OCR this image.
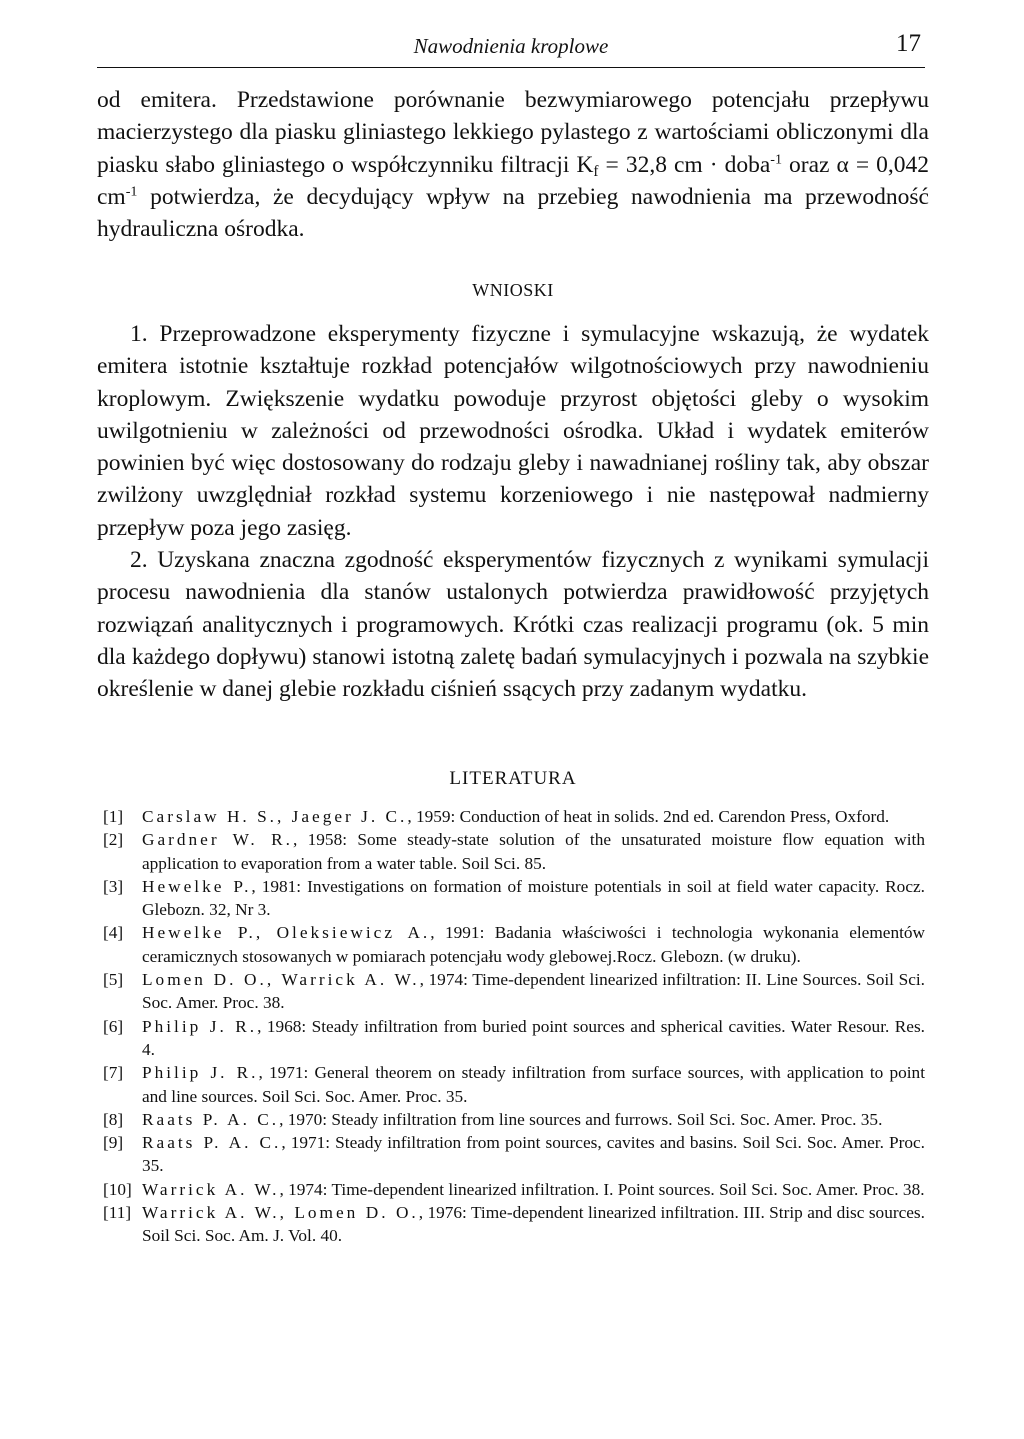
Nawodnienia kroplowe	17

od emitera. Przedstawione porównanie bezwymiarowego potencjału przepływu macierzystego dla piasku gliniastego lekkiego pylastego z wartościami obliczonymi dla piasku słabo gliniastego o współczynniku filtracji $K_f = 32,8$ cm · doba$^{-1}$ oraz α = 0,042 $cm^{-1}$ potwierdza, że decydujący wpływ na przebieg nawodnienia ma przewodność hydrauliczna ośrodka.

WNIOSKI

1. Przeprowadzone eksperymenty fizyczne i symulacyjne wskazują, że wydatek emitera istotnie kształtuje rozkład potencjałów wilgotnościowych przy nawodnieniu kroplowym. Zwiększenie wydatku powoduje przyrost objętości gleby o wysokim uwilgotnieniu w zależności od przewodności ośrodka. Układ i wydatek emiterów powinien być więc dostosowany do rodzaju gleby i nawadnianej rośliny tak, aby obszar zwilżony uwzględniał rozkład systemu korzeniowego i nie następował nadmierny przepływ poza jego zasięg.

2. Uzyskana znaczna zgodność eksperymentów fizycznych z wynikami symulacji procesu nawodnienia dla stanów ustalonych potwierdza prawidłowość przyjętych rozwiązań analitycznych i programowych. Krótki czas realizacji programu (ok. 5 min dla każdego dopływu) stanowi istotną zaletę badań symulacyjnych i pozwala na szybkie określenie w danej glebie rozkładu ciśnień ssących przy zadanym wydatku.

LITERATURA
[1] Carslaw H. S., Jaeger J. C., 1959: Conduction of heat in solids. 2nd ed. Carendon Press, Oxford.
[2] Gardner W. R., 1958: Some steady-state solution of the unsaturated moisture flow equation with application to evaporation from a water table. Soil Sci. 85.
[3] Hewelke P., 1981: Investigations on formation of moisture potentials in soil at field water capacity. Rocz. Glebozn. 32, Nr 3.
[4] Hewelke P., Oleksiewicz A., 1991: Badania właściwości i technologia wykonania elementów ceramicznych stosowanych w pomiarach potencjału wody glebowej.Rocz. Glebozn. (w druku).
[5] Lomen D. O., Warrick A. W., 1974: Time-dependent linearized infiltration: II. Line Sources. Soil Sci. Soc. Amer. Proc. 38.
[6] Philip J. R., 1968: Steady infiltration from buried point sources and spherical cavities. Water Resour. Res. 4.
[7] Philip J. R., 1971: General theorem on steady infiltration from surface sources, with application to point and line sources. Soil Sci. Soc. Amer. Proc. 35.
[8] Raats P. A. C., 1970: Steady infiltration from line sources and furrows. Soil Sci. Soc. Amer. Proc. 35.
[9] Raats P. A. C., 1971: Steady infiltration from point sources, cavites and basins. Soil Sci. Soc. Amer. Proc. 35.
[10] Warrick A. W., 1974: Time-dependent linearized infiltration. I. Point sources. Soil Sci. Soc. Amer. Proc. 38.
[11] Warrick A. W., Lomen D. O., 1976: Time-dependent linearized infiltration. III. Strip and disc sources. Soil Sci. Soc. Am. J. Vol. 40.
